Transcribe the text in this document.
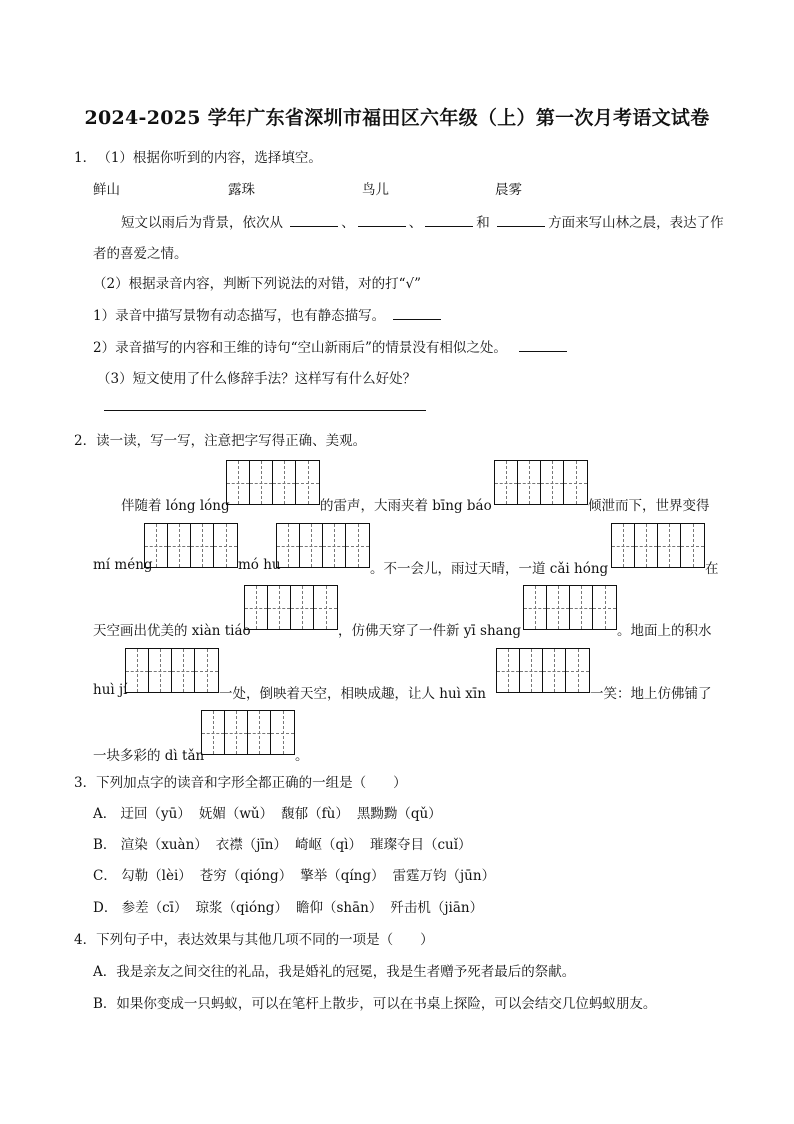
2024-2025 学年广东省深圳市福田区六年级（上）第一次月考语文试卷
1． （1）根据你听到的内容，选择填空。
鲜山	露珠	鸟儿	晨雾
短文以雨后为背景，依次从	、	、	和	方面来写山林之晨，表达了作
者的喜爱之情。
（2）根据录音内容，判断下列说法的对错，对的打“√”
1）录音中描写景物有动态描写，也有静态描写。
2）录音描写的内容和王维的诗句“空山新雨后”的情景没有相似之处。
（3）短文使用了什么修辞手法？这样写有什么好处？
2．读一读，写一写，注意把字写得正确、美观。
伴随着 lóng lóng	的雷声，大雨夹着 bīng báo	倾泄而下，世界变得
mí méng	mó hu	。不一会儿，雨过天晴，一道 cǎi hóng	在
天空画出优美的 xiàn tiáo	，仿佛天穿了一件新 yī shang	。地面上的积水
huì jí	一处，倒映着天空，相映成趣，让人 huì xīn	一笑：地上仿佛铺了
一块多彩的 dì tǎn	。
3．下列加点字的读音和字形全都正确的一组是（　　）
A． 迂回（yū） 妩媚（wǔ） 馥郁（fù） 黑黝黝（qǔ）
B． 渲染（xuàn） 衣襟（jīn） 崎岖（qì） 璀璨夺目（cuǐ）
C． 勾勒（lèi） 苍穷（qióng） 擎举（qíng） 雷霆万钧（jūn）
D． 参差（cī） 琼浆（qióng） 瞻仰（shān） 歼击机（jiān）
4．下列句子中，表达效果与其他几项不同的一项是（　　）
A．我是亲友之间交往的礼品，我是婚礼的冠冕，我是生者赠予死者最后的祭献。
B．如果你变成一只蚂蚁，可以在笔杆上散步，可以在书桌上探险，可以会结交几位蚂蚁朋友。
